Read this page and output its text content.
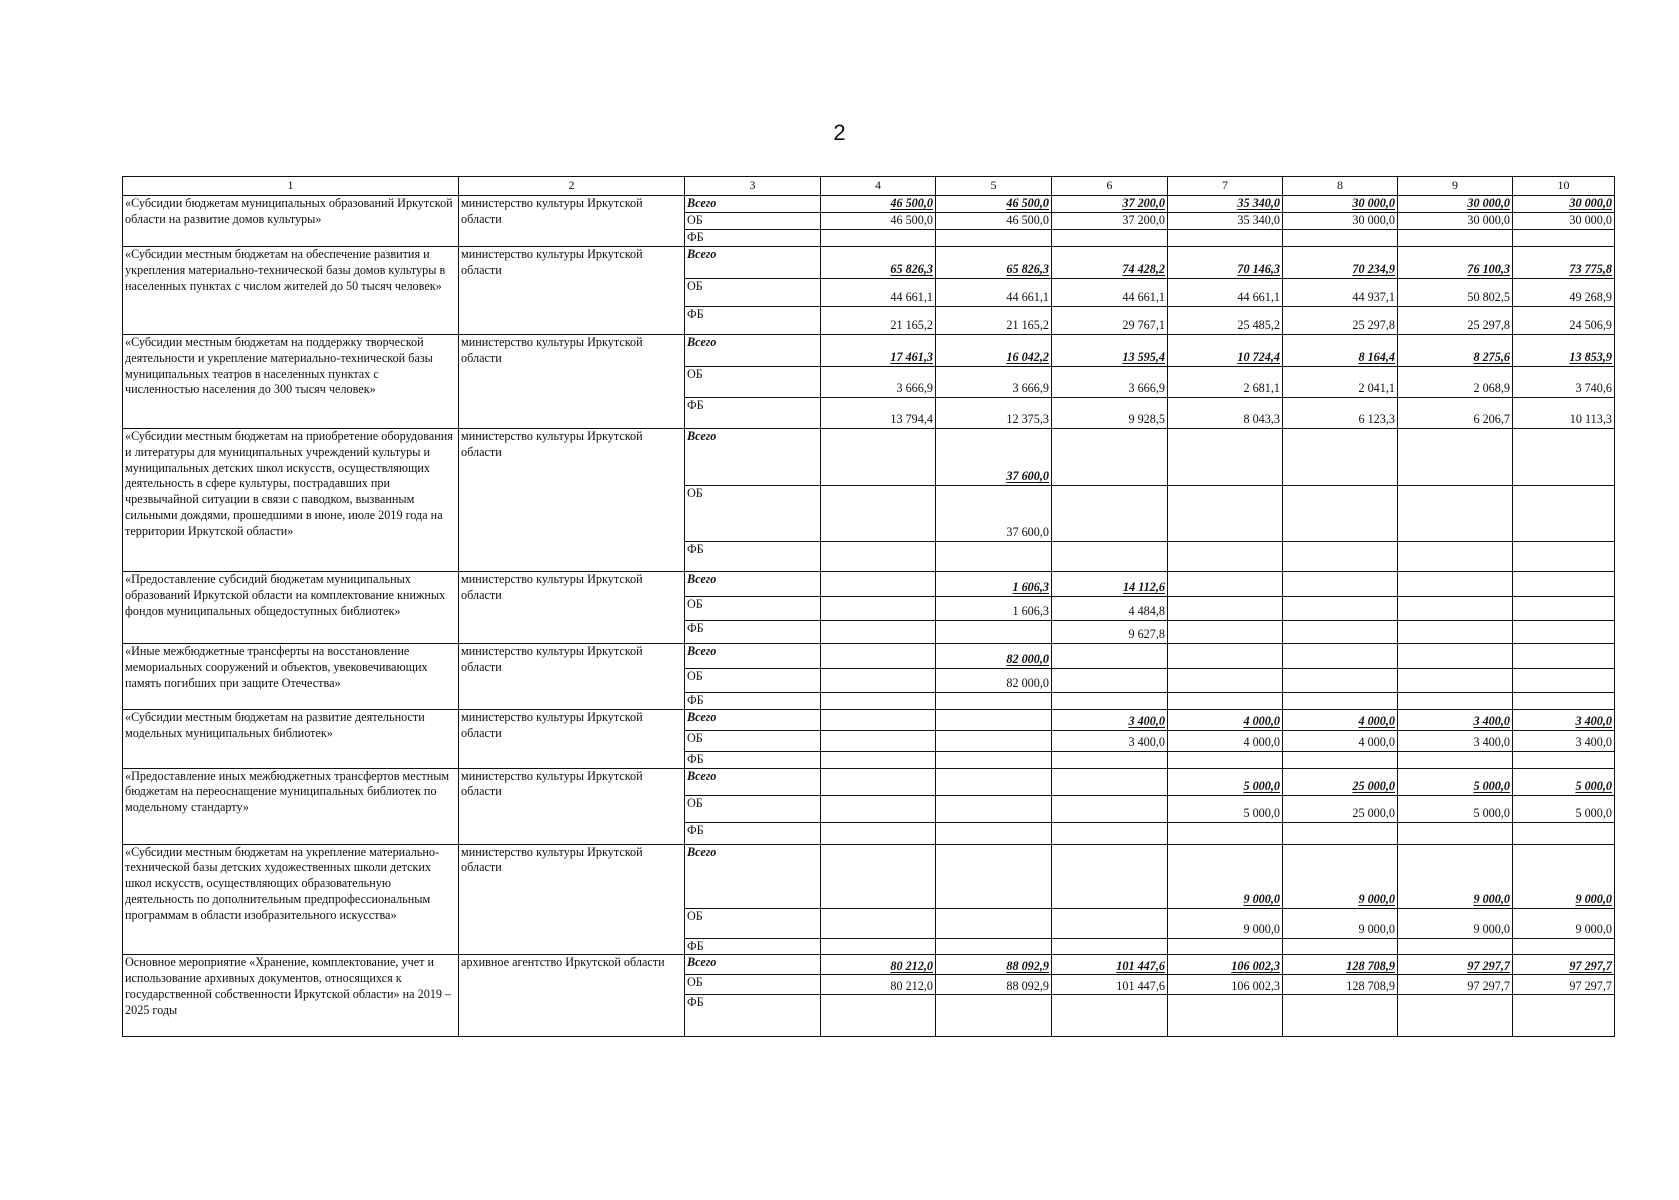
2
1	2	3	4	5	6	7	8	9	10
«Субсидии бюджетам муниципальных образований Иркутской области на развитие домов культуры»	министерство культуры Иркутской области	Всего	46 500,0	46 500,0	37 200,0	35 340,0	30 000,0	30 000,0	30 000,0
		ОБ	46 500,0	46 500,0	37 200,0	35 340,0	30 000,0	30 000,0	30 000,0
		ФБ							
«Субсидии местным бюджетам на обеспечение развития и укрепления материально-технической базы домов культуры в населенных пунктах с числом жителей до 50 тысяч человек»	министерство культуры Иркутской области	Всего	65 826,3	65 826,3	74 428,2	70 146,3	70 234,9	76 100,3	73 775,8
		ОБ	44 661,1	44 661,1	44 661,1	44 661,1	44 937,1	50 802,5	49 268,9
		ФБ	21 165,2	21 165,2	29 767,1	25 485,2	25 297,8	25 297,8	24 506,9
«Субсидии местным бюджетам на поддержку творческой деятельности и укрепление материально-технической базы муниципальных театров в населенных пунктах с численностью населения до 300 тысяч человек»	министерство культуры Иркутской области	Всего	17 461,3	16 042,2	13 595,4	10 724,4	8 164,4	8 275,6	13 853,9
		ОБ	3 666,9	3 666,9	3 666,9	2 681,1	2 041,1	2 068,9	3 740,6
		ФБ	13 794,4	12 375,3	9 928,5	8 043,3	6 123,3	6 206,7	10 113,3
«Субсидии местным бюджетам на приобретение оборудования и литературы для муниципальных учреждений культуры и муниципальных детских школ искусств, осуществляющих деятельность в сфере культуры, пострадавших при чрезвычайной ситуации в связи с паводком, вызванным сильными дождями, прошедшими в июне, июле 2019 года на территории Иркутской области»	министерство культуры Иркутской области	Всего		37 600,0					
		ОБ		37 600,0					
		ФБ							
«Предоставление субсидий бюджетам муниципальных образований Иркутской области на комплектование книжных фондов муниципальных общедоступных библиотек»	министерство культуры Иркутской области	Всего		1 606,3	14 112,6				
		ОБ		1 606,3	4 484,8				
		ФБ			9 627,8				
«Иные межбюджетные трансферты на восстановление мемориальных сооружений и объектов, увековечивающих память погибших при защите Отечества»	министерство культуры Иркутской области	Всего		82 000,0					
		ОБ		82 000,0					
		ФБ							
«Субсидии местным бюджетам на развитие деятельности модельных муниципальных библиотек»	министерство культуры Иркутской области	Всего			3 400,0	4 000,0	4 000,0	3 400,0	3 400,0
		ОБ			3 400,0	4 000,0	4 000,0	3 400,0	3 400,0
		ФБ							
«Предоставление иных межбюджетных трансфертов местным бюджетам на переоснащение муниципальных библиотек по модельному стандарту»	министерство культуры Иркутской области	Всего				5 000,0	25 000,0	5 000,0	5 000,0
		ОБ				5 000,0	25 000,0	5 000,0	5 000,0
		ФБ							
«Субсидии местным бюджетам на укрепление материально-технической базы детских художественных школи детских школ искусств, осуществляющих образовательную деятельность по дополнительным предпрофессиональным программам в области изобразительного искусства»	министерство культуры Иркутской области	Всего				9 000,0	9 000,0	9 000,0	9 000,0
		ОБ				9 000,0	9 000,0	9 000,0	9 000,0
		ФБ							
Основное мероприятие «Хранение, комплектование, учет и использование архивных документов, относящихся к государственной собственности Иркутской области» на 2019 – 2025 годы	архивное агентство Иркутской области	Всего	80 212,0	88 092,9	101 447,6	106 002,3	128 708,9	97 297,7	97 297,7
		ОБ	80 212,0	88 092,9	101 447,6	106 002,3	128 708,9	97 297,7	97 297,7
		ФБ							
